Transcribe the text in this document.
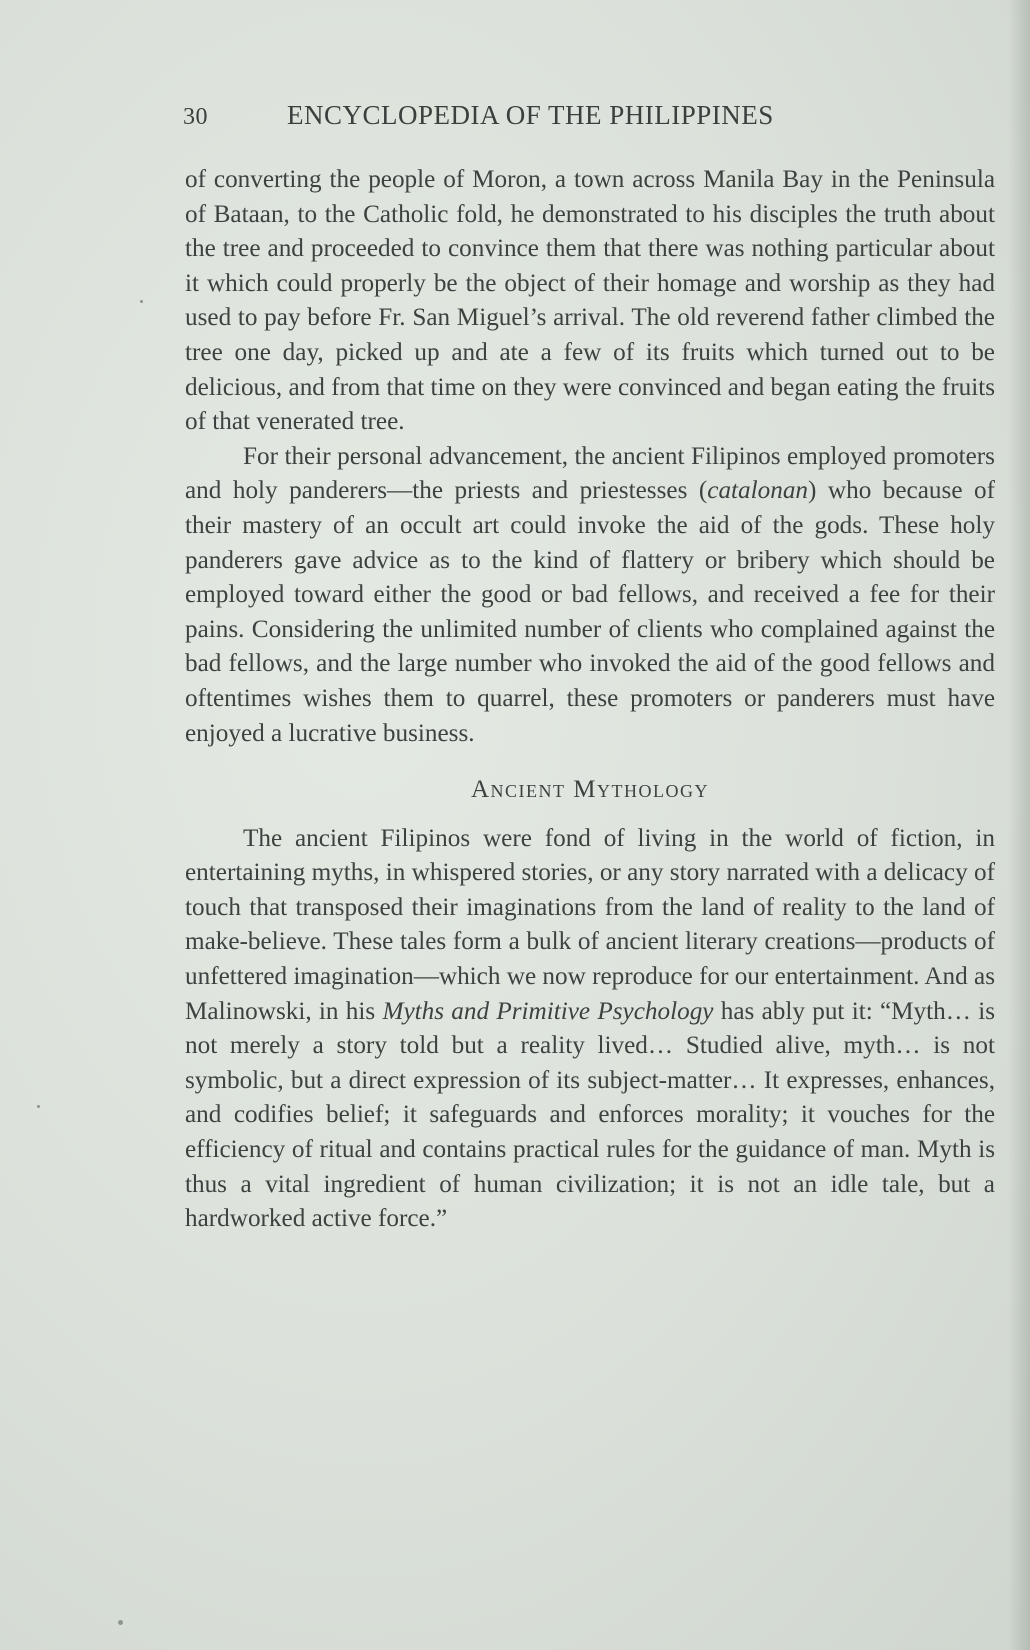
30	ENCYCLOPEDIA OF THE PHILIPPINES

of converting the people of Moron, a town across Manila Bay in the Peninsula of Bataan, to the Catholic fold, he demonstrated to his disciples the truth about the tree and proceeded to convince them that there was nothing particular about it which could properly be the object of their homage and worship as they had used to pay before Fr. San Miguel’s arrival. The old reverend father climbed the tree one day, picked up and ate a few of its fruits which turned out to be delicious, and from that time on they were convinced and began eating the fruits of that venerated tree.

For their personal advancement, the ancient Filipinos employed promoters and holy panderers—the priests and priestesses (catalonan) who because of their mastery of an occult art could invoke the aid of the gods. These holy panderers gave advice as to the kind of flattery or bribery which should be employed toward either the good or bad fellows, and received a fee for their pains. Considering the unlimited number of clients who complained against the bad fellows, and the large number who invoked the aid of the good fellows and oftentimes wishes them to quarrel, these promoters or panderers must have enjoyed a lucrative business.

Ancient Mythology

The ancient Filipinos were fond of living in the world of fiction, in entertaining myths, in whispered stories, or any story narrated with a delicacy of touch that transposed their imaginations from the land of reality to the land of make-believe. These tales form a bulk of ancient literary creations—products of unfettered imagination—which we now reproduce for our entertainment. And as Malinowski, in his Myths and Primitive Psychology has ably put it: “Myth… is not merely a story told but a reality lived… Studied alive, myth… is not symbolic, but a direct expression of its subject-matter… It expresses, enhances, and codifies belief; it safeguards and enforces morality; it vouches for the efficiency of ritual and contains practical rules for the guidance of man. Myth is thus a vital ingredient of human civilization; it is not an idle tale, but a hardworked active force.”
